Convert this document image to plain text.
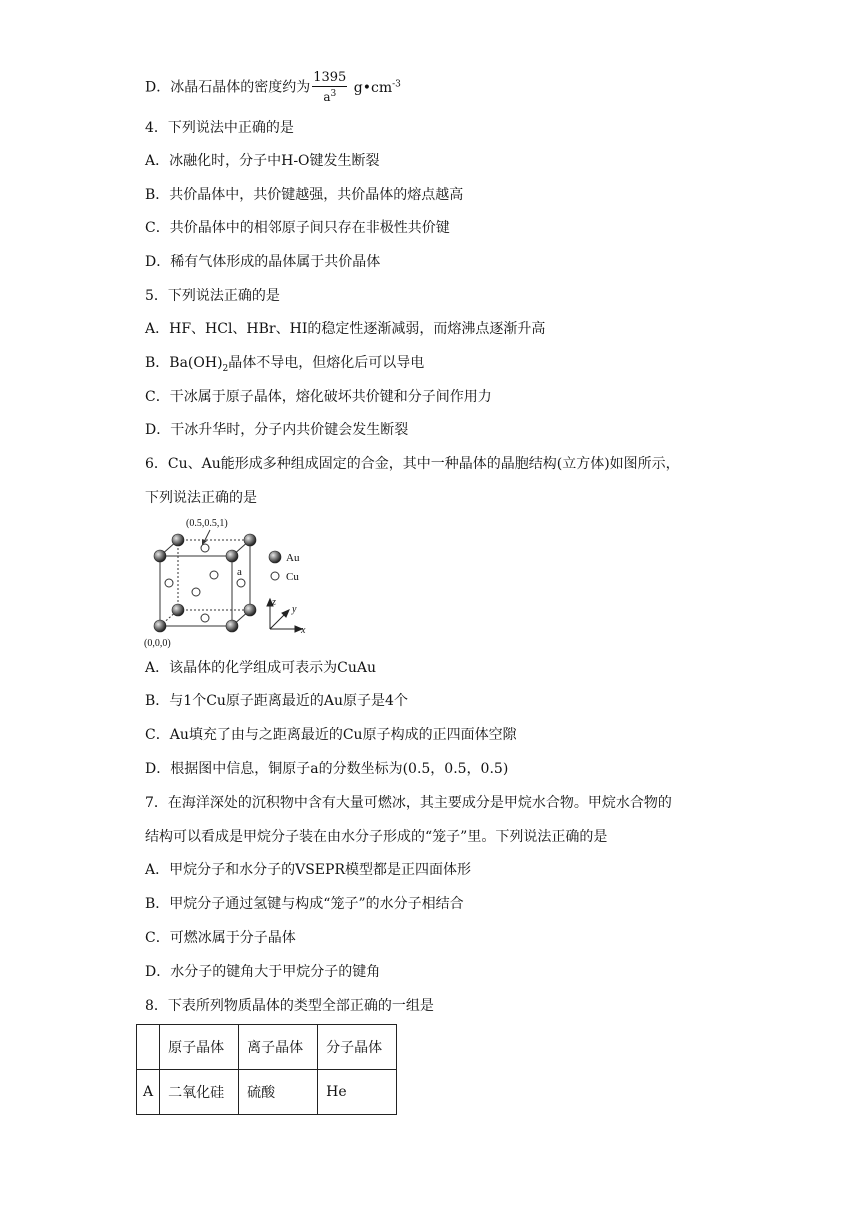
D．冰晶石晶体的密度约为 $\frac{1395}{a^3}$ $g•cm^{-3}$
4．下列说法中正确的是
A．冰融化时，分子中H-O键发生断裂
B．共价晶体中，共价键越强，共价晶体的熔点越高
C．共价晶体中的相邻原子间只存在非极性共价键
D．稀有气体形成的晶体属于共价晶体
5．下列说法正确的是
A．HF、HCl、HBr、HI的稳定性逐渐减弱，而熔沸点逐渐升高
B．$Ba(OH)_2$晶体不导电，但熔化后可以导电
C．干冰属于原子晶体，熔化破坏共价键和分子间作用力
D．干冰升华时，分子内共价键会发生断裂
6．Cu、Au能形成多种组成固定的合金，其中一种晶体的晶胞结构(立方体)如图所示，
下列说法正确的是
(0.5,0.5,1)
(0,0,0)
a
Au
Cu
z
y
x
A．该晶体的化学组成可表示为CuAu
B．与1个Cu原子距离最近的Au原子是4个
C．Au填充了由与之距离最近的Cu原子构成的正四面体空隙
D．根据图中信息，铜原子a的分数坐标为(0.5，0.5，0.5)
7．在海洋深处的沉积物中含有大量可燃冰，其主要成分是甲烷水合物。甲烷水合物的
结构可以看成是甲烷分子装在由水分子形成的“笼子”里。下列说法正确的是
A．甲烷分子和水分子的VSEPR模型都是正四面体形
B．甲烷分子通过氢键与构成“笼子”的水分子相结合
C．可燃冰属于分子晶体
D．水分子的键角大于甲烷分子的键角
8．下表所列物质晶体的类型全部正确的一组是
	原子晶体	离子晶体	分子晶体
A	二氧化硅	硫酸	He
